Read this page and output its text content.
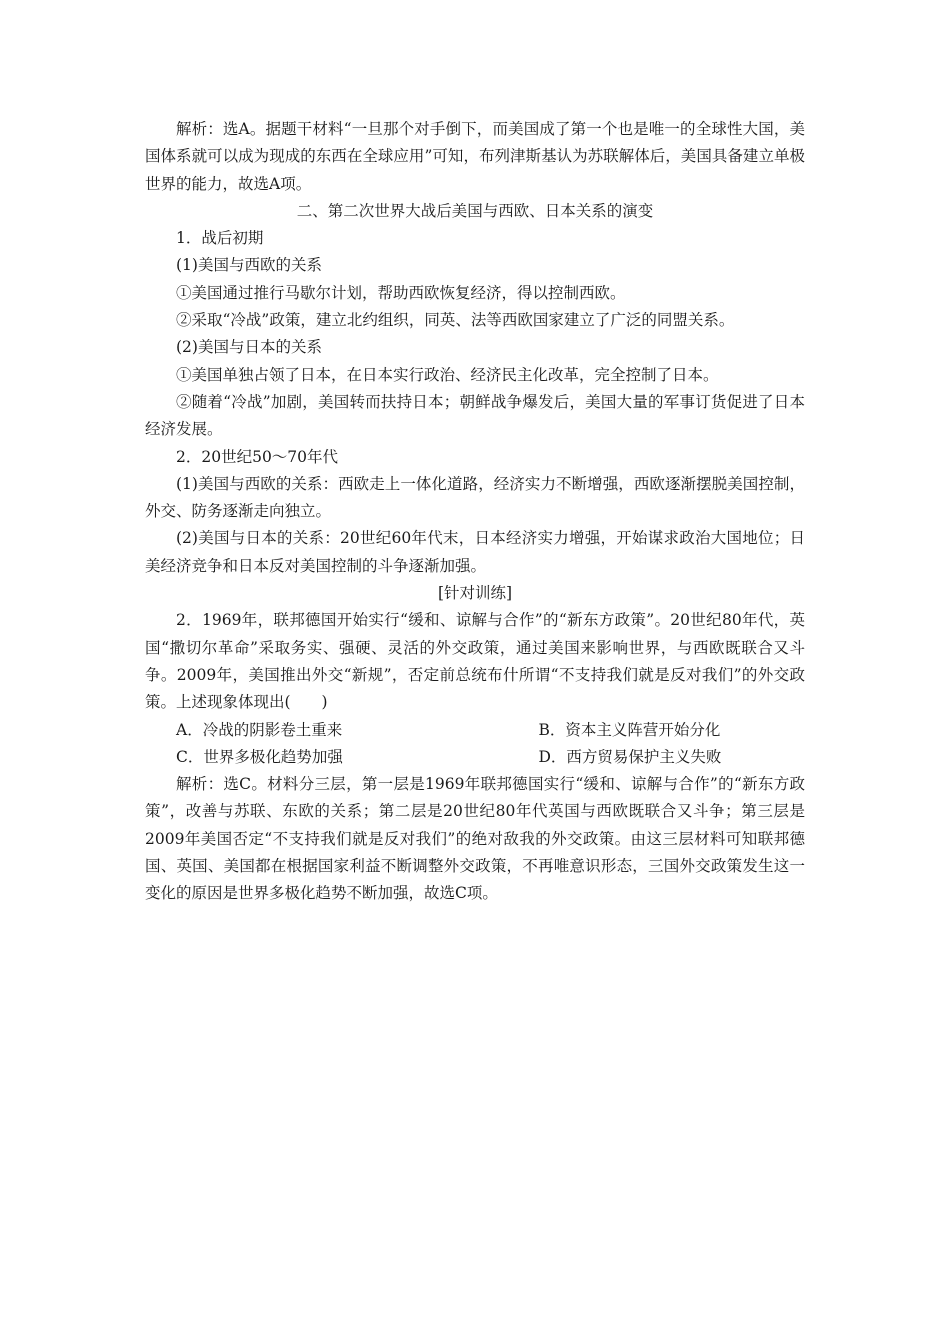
解析：选A。据题干材料“一旦那个对手倒下，而美国成了第一个也是唯一的全球性大国，美国体系就可以成为现成的东西在全球应用”可知，布列津斯基认为苏联解体后，美国具备建立单极世界的能力，故选A项。

二、第二次世界大战后美国与西欧、日本关系的演变

1．战后初期

(1)美国与西欧的关系

①美国通过推行马歇尔计划，帮助西欧恢复经济，得以控制西欧。

②采取“冷战”政策，建立北约组织，同英、法等西欧国家建立了广泛的同盟关系。

(2)美国与日本的关系

①美国单独占领了日本，在日本实行政治、经济民主化改革，完全控制了日本。

②随着“冷战”加剧，美国转而扶持日本；朝鲜战争爆发后，美国大量的军事订货促进了日本经济发展。

2．20世纪50～70年代

(1)美国与西欧的关系：西欧走上一体化道路，经济实力不断增强，西欧逐渐摆脱美国控制，外交、防务逐渐走向独立。

(2)美国与日本的关系：20世纪60年代末，日本经济实力增强，开始谋求政治大国地位；日美经济竞争和日本反对美国控制的斗争逐渐加强。

[针对训练]

2．1969年，联邦德国开始实行“缓和、谅解与合作”的“新东方政策”。20世纪80年代，英国“撒切尔革命”采取务实、强硬、灵活的外交政策，通过美国来影响世界，与西欧既联合又斗争。2009年，美国推出外交“新规”，否定前总统布什所谓“不支持我们就是反对我们”的外交政策。上述现象体现出(　　)

A．冷战的阴影卷土重来	B．资本主义阵营开始分化
C．世界多极化趋势加强	D．西方贸易保护主义失败

解析：选C。材料分三层，第一层是1969年联邦德国实行“缓和、谅解与合作”的“新东方政策”，改善与苏联、东欧的关系；第二层是20世纪80年代英国与西欧既联合又斗争；第三层是2009年美国否定“不支持我们就是反对我们”的绝对敌我的外交政策。由这三层材料可知联邦德国、英国、美国都在根据国家利益不断调整外交政策，不再唯意识形态，三国外交政策发生这一变化的原因是世界多极化趋势不断加强，故选C项。
